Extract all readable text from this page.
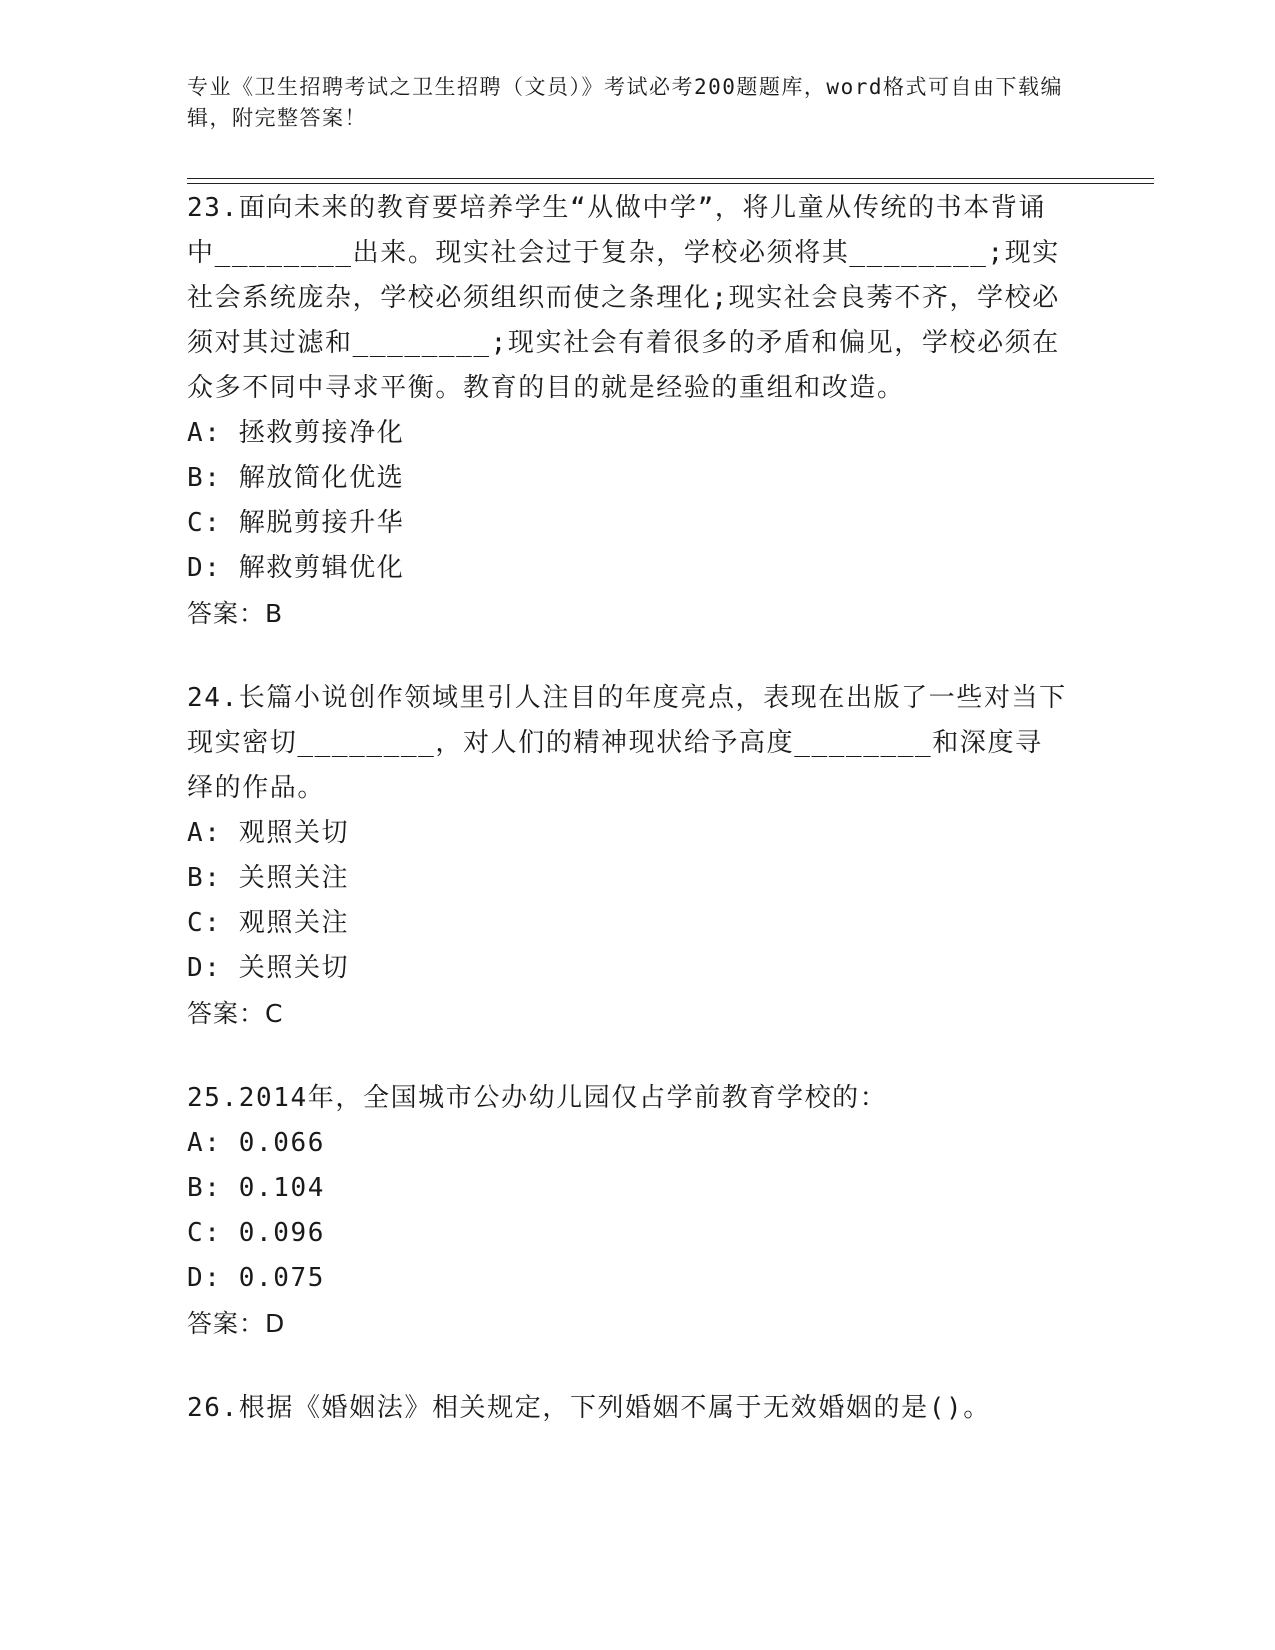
专业《卫生招聘考试之卫生招聘（文员）》考试必考200题题库，word格式可自由下载编辑，附完整答案！

23.面向未来的教育要培养学生“从做中学”，将儿童从传统的书本背诵中________出来。现实社会过于复杂，学校必须将其________;现实社会系统庞杂，学校必须组织而使之条理化;现实社会良莠不齐，学校必须对其过滤和________;现实社会有着很多的矛盾和偏见，学校必须在众多不同中寻求平衡。教育的目的就是经验的重组和改造。

A: 拯救剪接净化

B: 解放简化优选

C: 解脱剪接升华

D: 解救剪辑优化

答案：B

24.长篇小说创作领域里引人注目的年度亮点，表现在出版了一些对当下现实密切________，对人们的精神现状给予高度________和深度寻绎的作品。

A: 观照关切

B: 关照关注

C: 观照关注

D: 关照关切

答案：C

25.2014年，全国城市公办幼儿园仅占学前教育学校的：

A: 0.066

B: 0.104

C: 0.096

D: 0.075

答案：D

26.根据《婚姻法》相关规定，下列婚姻不属于无效婚姻的是()。
